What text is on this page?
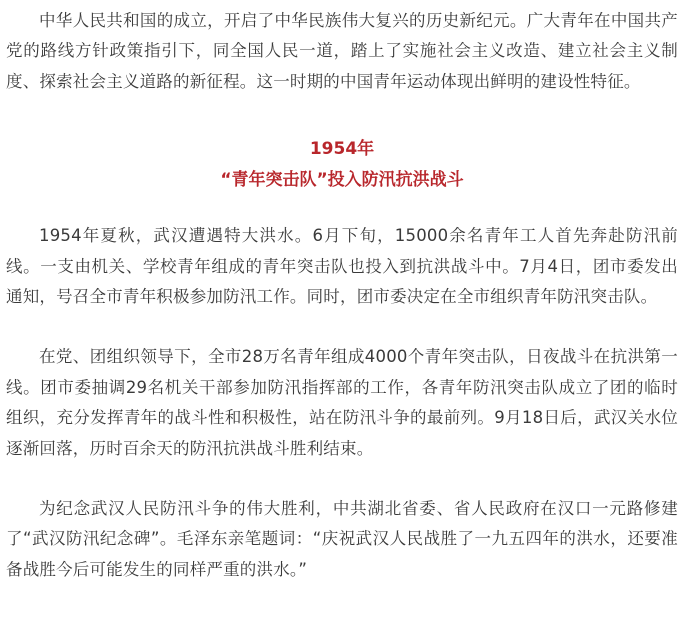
中华人民共和国的成立，开启了中华民族伟大复兴的历史新纪元。广大青年在中国共产党的路线方针政策指引下，同全国人民一道，踏上了实施社会主义改造、建立社会主义制度、探索社会主义道路的新征程。这一时期的中国青年运动体现出鲜明的建设性特征。

1954年
“青年突击队”投入防汛抗洪战斗

1954年夏秋，武汉遭遇特大洪水。6月下旬，15000余名青年工人首先奔赴防汛前线。一支由机关、学校青年组成的青年突击队也投入到抗洪战斗中。7月4日，团市委发出通知，号召全市青年积极参加防汛工作。同时，团市委决定在全市组织青年防汛突击队。

在党、团组织领导下，全市28万名青年组成4000个青年突击队，日夜战斗在抗洪第一线。团市委抽调29名机关干部参加防汛指挥部的工作，各青年防汛突击队成立了团的临时组织，充分发挥青年的战斗性和积极性，站在防汛斗争的最前列。9月18日后，武汉关水位逐渐回落，历时百余天的防汛抗洪战斗胜利结束。

为纪念武汉人民防汛斗争的伟大胜利，中共湖北省委、省人民政府在汉口一元路修建了“武汉防汛纪念碑”。毛泽东亲笔题词：“庆祝武汉人民战胜了一九五四年的洪水，还要准备战胜今后可能发生的同样严重的洪水。”
